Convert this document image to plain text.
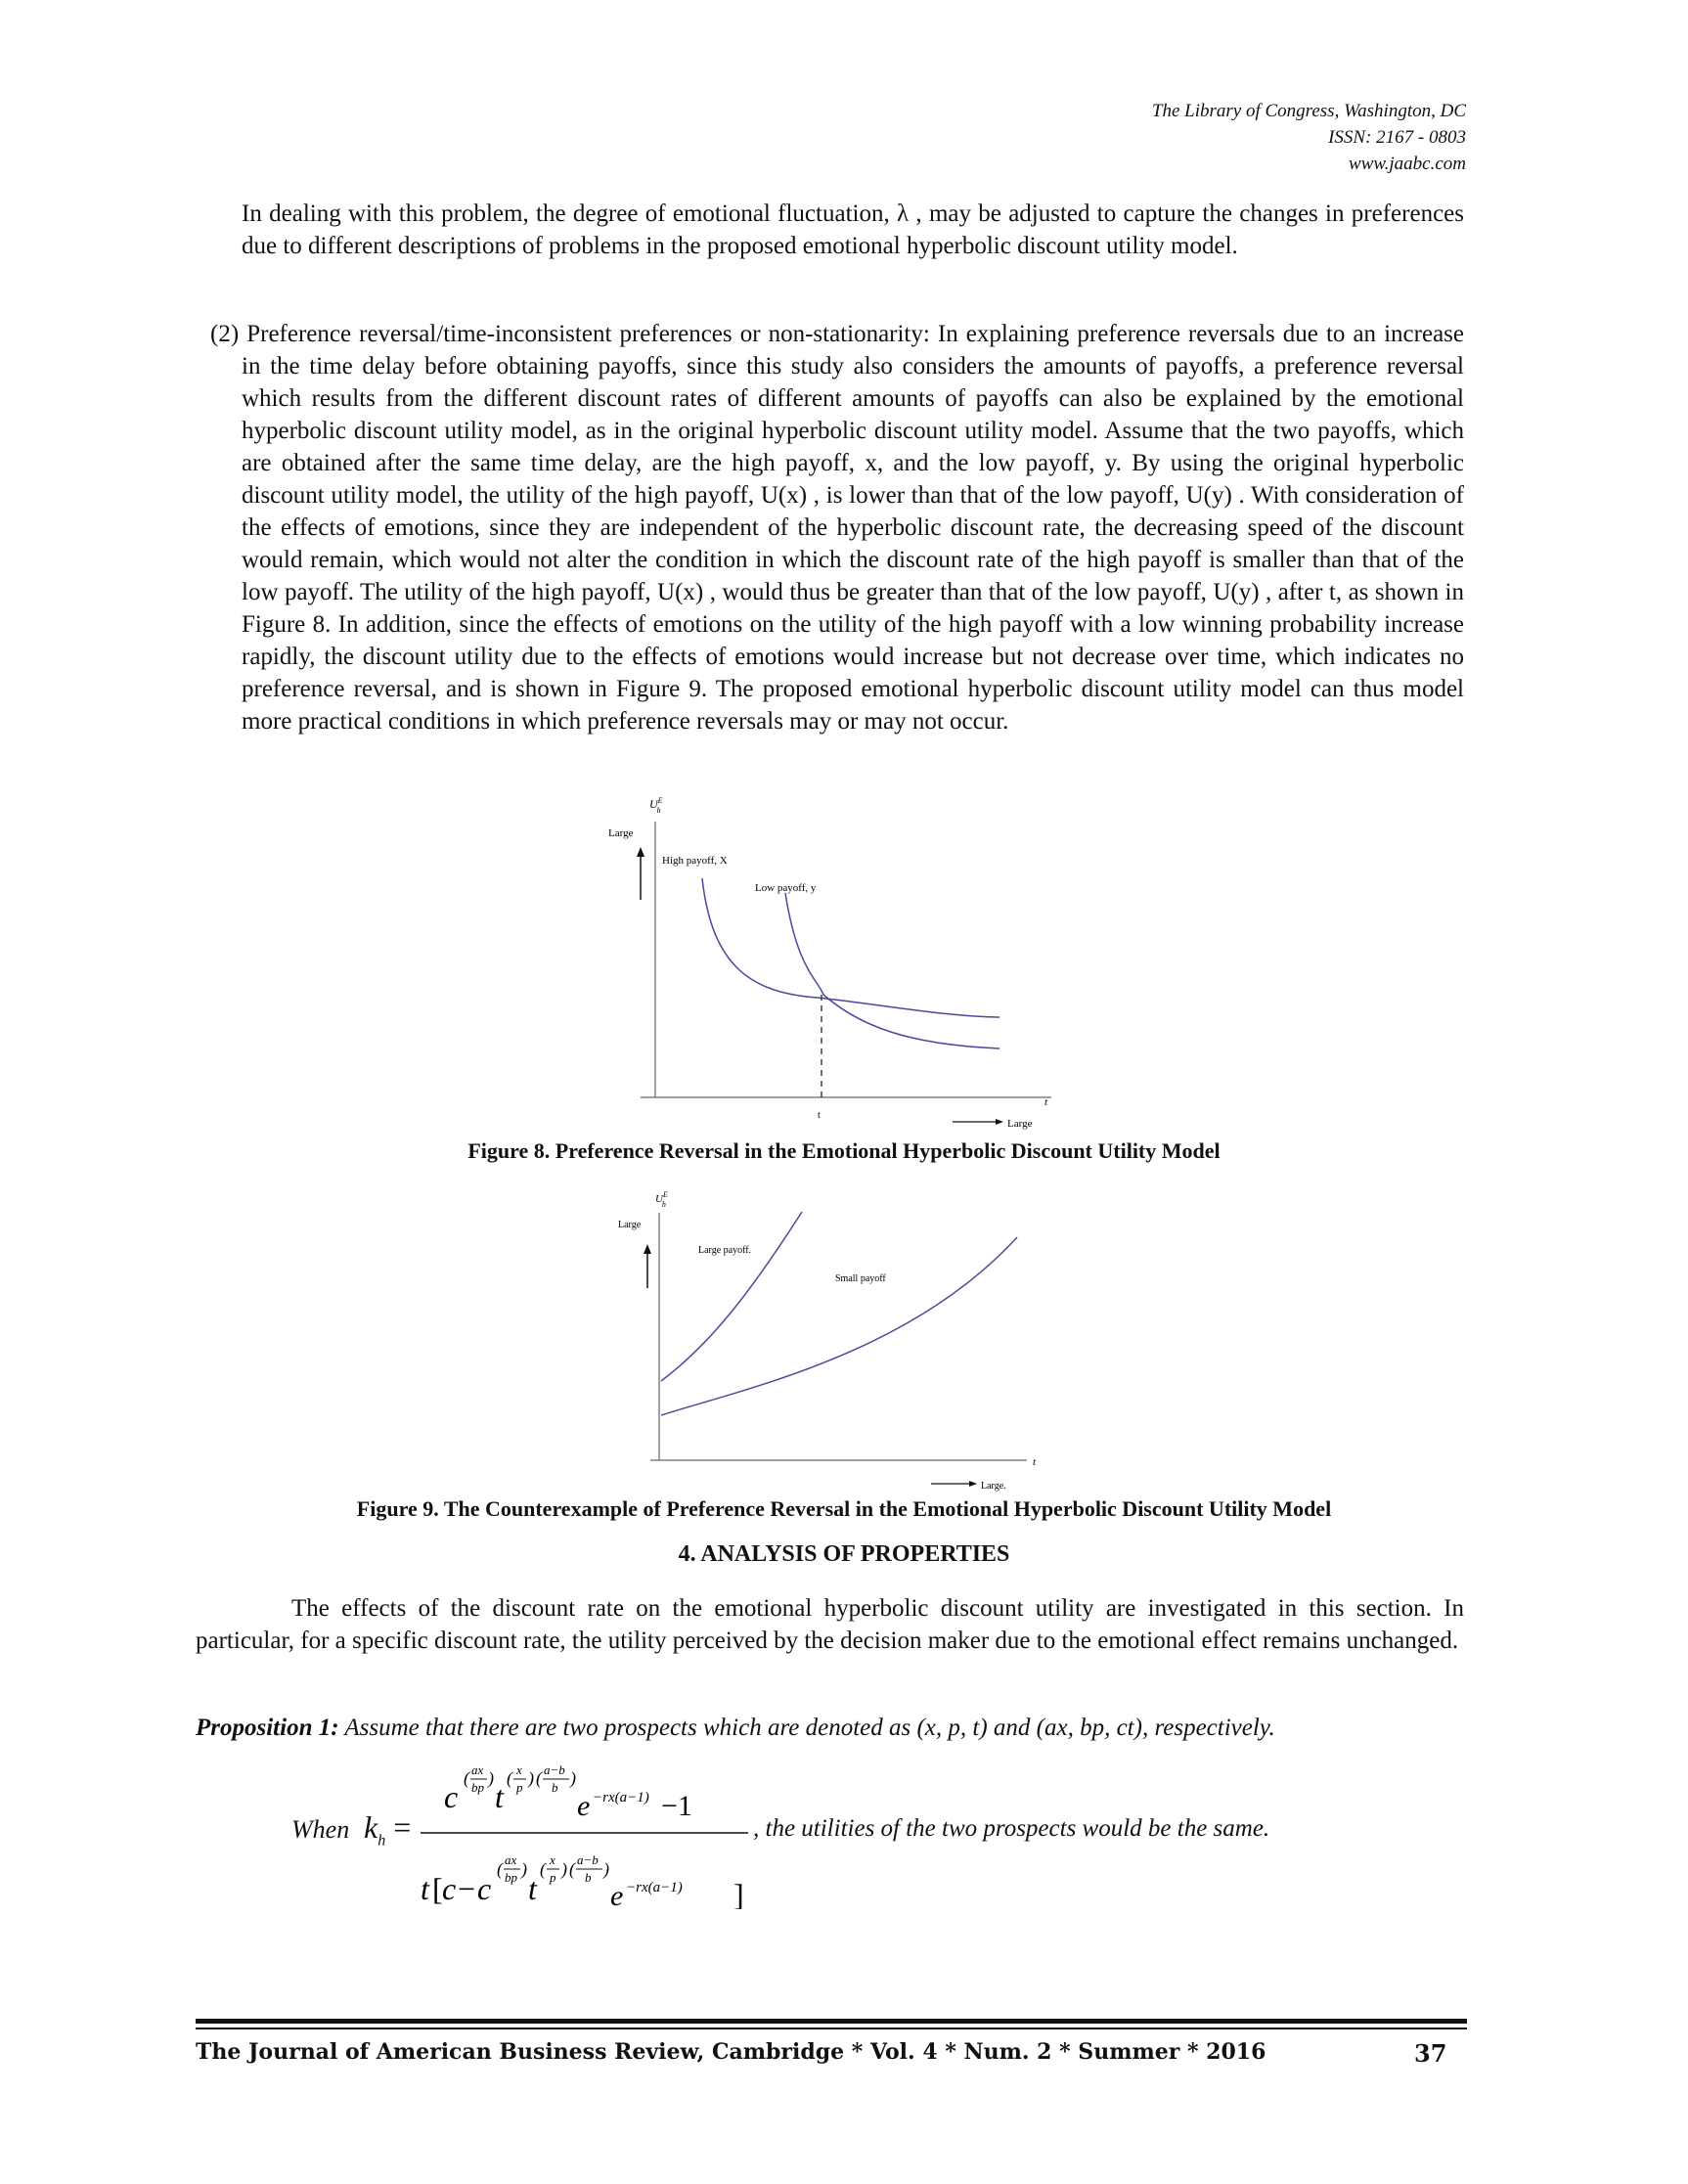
The Library of Congress, Washington, DC
ISSN: 2167 - 0803
www.jaabc.com
In dealing with this problem, the degree of emotional fluctuation, λ , may be adjusted to capture the changes in preferences due to different descriptions of problems in the proposed emotional hyperbolic discount utility model.
(2) Preference reversal/time-inconsistent preferences or non-stationarity: In explaining preference reversals due to an increase in the time delay before obtaining payoffs, since this study also considers the amounts of payoffs, a preference reversal which results from the different discount rates of different amounts of payoffs can also be explained by the emotional hyperbolic discount utility model, as in the original hyperbolic discount utility model. Assume that the two payoffs, which are obtained after the same time delay, are the high payoff, x, and the low payoff, y. By using the original hyperbolic discount utility model, the utility of the high payoff, U(x) , is lower than that of the low payoff, U(y) . With consideration of the effects of emotions, since they are independent of the hyperbolic discount rate, the decreasing speed of the discount would remain, which would not alter the condition in which the discount rate of the high payoff is smaller than that of the low payoff. The utility of the high payoff, U(x) , would thus be greater than that of the low payoff, U(y) , after t, as shown in Figure 8. In addition, since the effects of emotions on the utility of the high payoff with a low winning probability increase rapidly, the discount utility due to the effects of emotions would increase but not decrease over time, which indicates no preference reversal, and is shown in Figure 9. The proposed emotional hyperbolic discount utility model can thus model more practical conditions in which preference reversals may or may not occur.
$U^E$ h
Large
High payoff, X
Low payoff, y
t
t
Large
Figure 8. Preference Reversal in the Emotional Hyperbolic Discount Utility Model
$U^E$ h
Large
Large payoff.
Small payoff
t
Large.
Figure 9. The Counterexample of Preference Reversal in the Emotional Hyperbolic Discount Utility Model
4. ANALYSIS OF PROPERTIES
The effects of the discount rate on the emotional hyperbolic discount utility are investigated in this section. In particular, for a specific discount rate, the utility perceived by the decision maker due to the emotional effect remains unchanged.
Proposition 1: Assume that there are two prospects which are denoted as (x, p, t) and (ax, bp, ct), respectively.
When $k_h$ =
c
( ax
bp )
t
( x
p ) ( a−b
b )
e −rx(a−1) −1
t [ c − c
( ax
bp )
t
( x
p ) ( a−b
b )
e −rx(a−1) ]
, the utilities of the two prospects would be the same.
The Journal of American Business Review, Cambridge * Vol. 4 * Num. 2 * Summer * 2016	37
